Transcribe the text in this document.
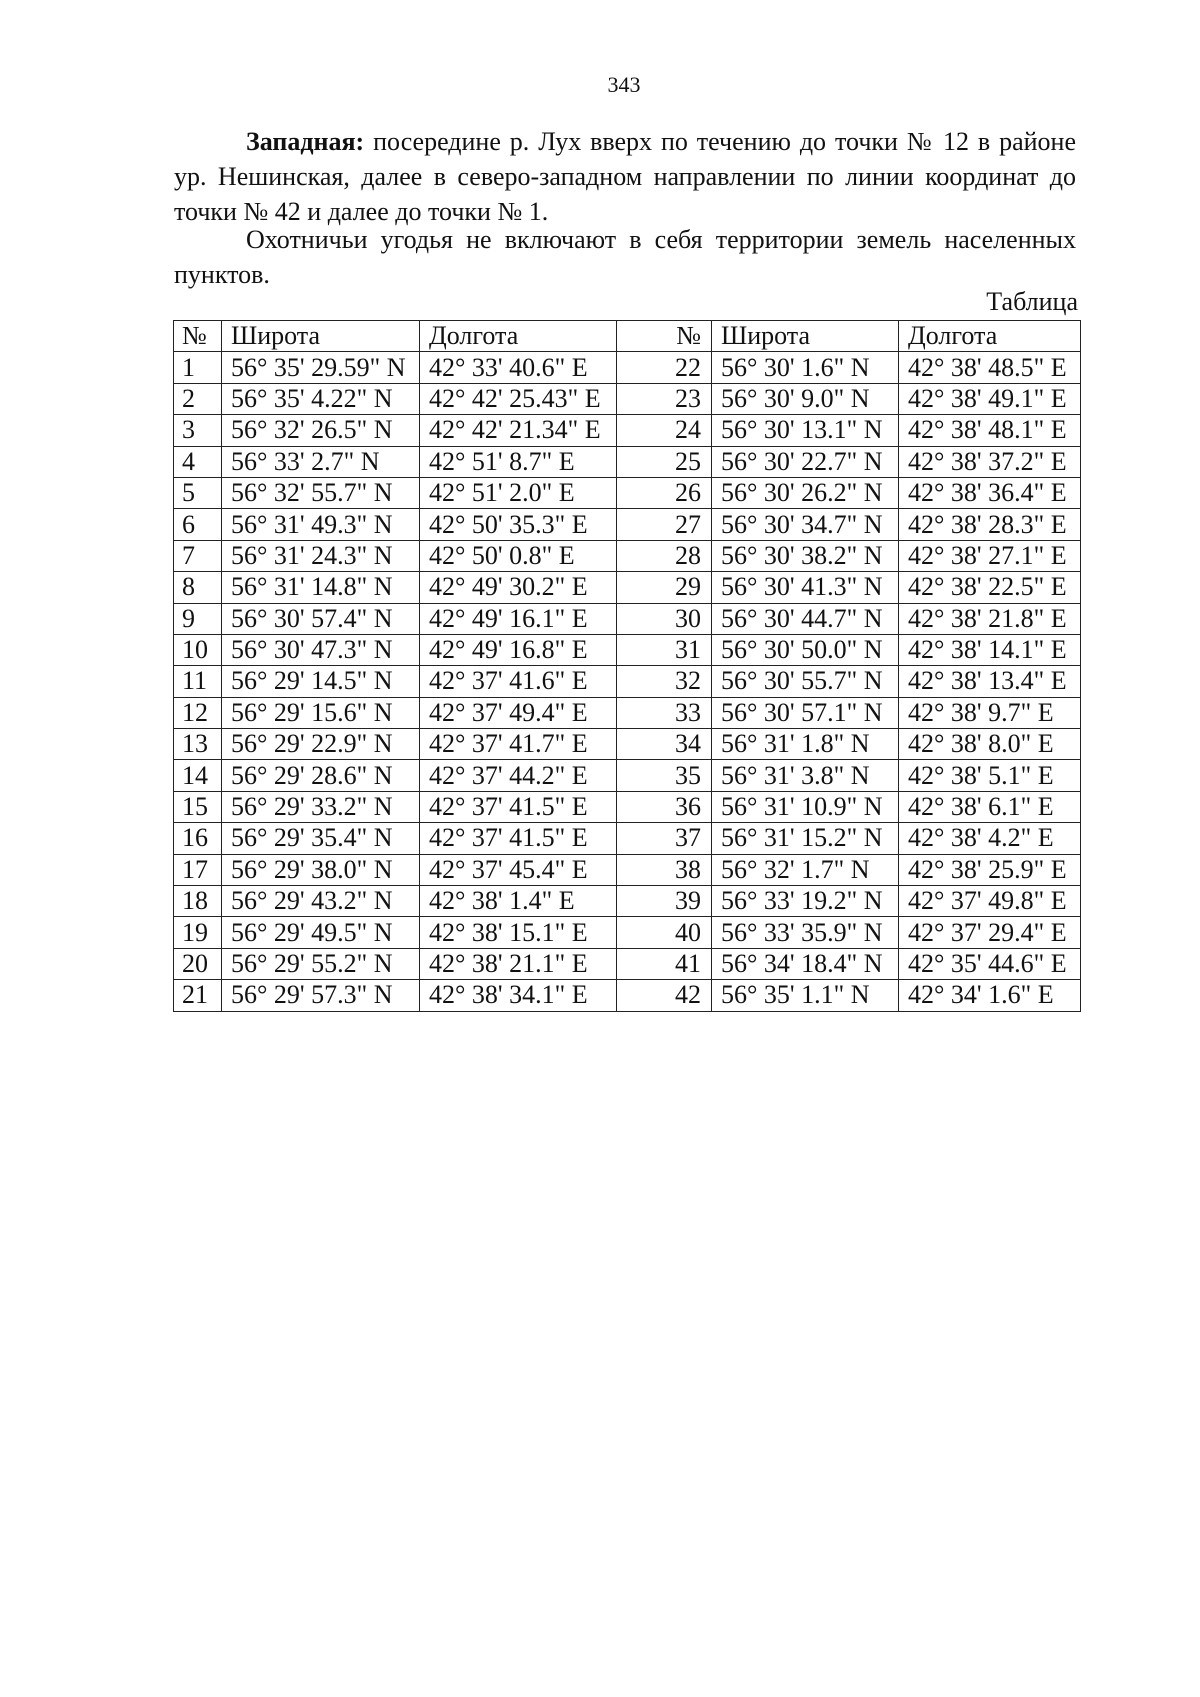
343
Западная: посередине р. Лух вверх по течению до точки № 12 в районе ур. Нешинская, далее в северо-западном направлении по линии координат до точки № 42 и далее до точки № 1.
Охотничьи угодья не включают в себя территории земель населенных пунктов.
Таблица
№	Широта	Долгота	№	Широта	Долгота
1	56° 35' 29.59" N	42° 33' 40.6" E	22	56° 30' 1.6" N	42° 38' 48.5" E
2	56° 35' 4.22" N	42° 42' 25.43" E	23	56° 30' 9.0" N	42° 38' 49.1" E
3	56° 32' 26.5" N	42° 42' 21.34" E	24	56° 30' 13.1" N	42° 38' 48.1" E
4	56° 33' 2.7" N	42° 51' 8.7" E	25	56° 30' 22.7" N	42° 38' 37.2" E
5	56° 32' 55.7" N	42° 51' 2.0" E	26	56° 30' 26.2" N	42° 38' 36.4" E
6	56° 31' 49.3" N	42° 50' 35.3" E	27	56° 30' 34.7" N	42° 38' 28.3" E
7	56° 31' 24.3" N	42° 50' 0.8" E	28	56° 30' 38.2" N	42° 38' 27.1" E
8	56° 31' 14.8" N	42° 49' 30.2" E	29	56° 30' 41.3" N	42° 38' 22.5" E
9	56° 30' 57.4" N	42° 49' 16.1" E	30	56° 30' 44.7" N	42° 38' 21.8" E
10	56° 30' 47.3" N	42° 49' 16.8" E	31	56° 30' 50.0" N	42° 38' 14.1" E
11	56° 29' 14.5" N	42° 37' 41.6" E	32	56° 30' 55.7" N	42° 38' 13.4" E
12	56° 29' 15.6" N	42° 37' 49.4" E	33	56° 30' 57.1" N	42° 38' 9.7" E
13	56° 29' 22.9" N	42° 37' 41.7" E	34	56° 31' 1.8" N	42° 38' 8.0" E
14	56° 29' 28.6" N	42° 37' 44.2" E	35	56° 31' 3.8" N	42° 38' 5.1" E
15	56° 29' 33.2" N	42° 37' 41.5" E	36	56° 31' 10.9" N	42° 38' 6.1" E
16	56° 29' 35.4" N	42° 37' 41.5" E	37	56° 31' 15.2" N	42° 38' 4.2" E
17	56° 29' 38.0" N	42° 37' 45.4" E	38	56° 32' 1.7" N	42° 38' 25.9" E
18	56° 29' 43.2" N	42° 38' 1.4" E	39	56° 33' 19.2" N	42° 37' 49.8" E
19	56° 29' 49.5" N	42° 38' 15.1" E	40	56° 33' 35.9" N	42° 37' 29.4" E
20	56° 29' 55.2" N	42° 38' 21.1" E	41	56° 34' 18.4" N	42° 35' 44.6" E
21	56° 29' 57.3" N	42° 38' 34.1" E	42	56° 35' 1.1" N	42° 34' 1.6" E
